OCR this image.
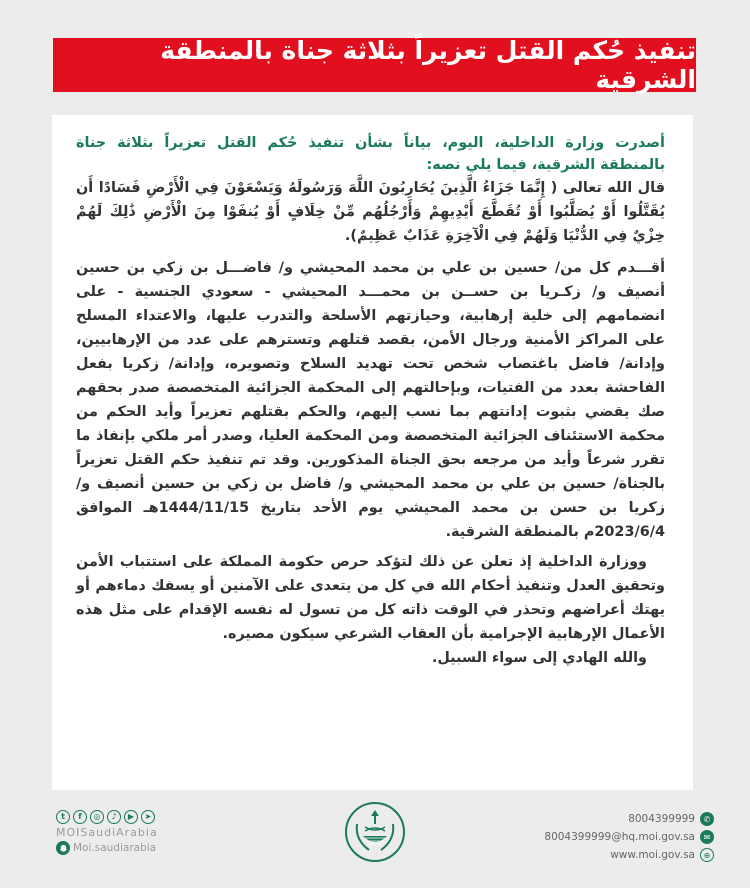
تنفيذ حُكم القتل تعزيراً بثلاثة جناة بالمنطقة الشرقية

أصدرت وزارة الداخلية، اليوم، بياناً بشأن تنفيذ حُكم القتل تعزيراً بثلاثة جناة بالمنطقة الشرقية، فيما يلي نصه:

قال الله تعالى ( إِنَّمَا جَزَاءُ الَّذِينَ يُحَارِبُونَ اللَّهَ وَرَسُولَهُ وَيَسْعَوْنَ فِي الْأَرْضِ فَسَادًا أَن يُقَتَّلُوا أَوْ يُصَلَّبُوا أَوْ تُقَطَّعَ أَيْدِيهِمْ وَأَرْجُلُهُم مِّنْ خِلَافٍ أَوْ يُنفَوْا مِنَ الْأَرْضِ ذَٰلِكَ لَهُمْ خِزْيٌ فِي الدُّنْيَا وَلَهُمْ فِي الْآخِرَةِ عَذَابٌ عَظِيمٌ).

أقـــدم كل من/ حسين بن علي بن محمد المحيشي و/ فاضـــل بن زكي بن حسين أنصيف و/ زكـريا بن حســن بن محمـــد المحيشي - سعودي الجنسية - على انضمامهم إلى خلية إرهابية، وحيازتهم الأسلحة والتدرب عليها، والاعتداء المسلح على المراكز الأمنية ورجال الأمن، بقصد قتلهم وتسترهم على عدد من الإرهابيين، وإدانة/ فاضل باغتصاب شخص تحت تهديد السلاح وتصويره، وإدانة/ زكريا بفعل الفاحشة بعدد من الفتيات، وبإحالتهم إلى المحكمة الجزائية المتخصصة صدر بحقهم صك يقضي بثبوت إدانتهم بما نسب إليهم، والحكم بقتلهم تعزيراً وأيد الحكم من محكمة الاستئناف الجزائية المتخصصة ومن المحكمة العليا، وصدر أمر ملكي بإنفاذ ما تقرر شرعاً وأيد من مرجعه بحق الجناة المذكورين. وقد تم تنفيذ حكم القتل تعزيراً بالجناة/ حسين بن علي بن محمد المحيشي و/ فاضل بن زكي بن حسين أنصيف و/ زكريا بن حسن بن محمد المحيشي يوم الأحد بتاريخ 1444/11/15هـ الموافق 2023/6/4م بالمنطقة الشرقية.

ووزارة الداخلية إذ تعلن عن ذلك لتؤكد حرص حكومة المملكة على استتباب الأمن وتحقيق العدل وتنفيذ أحكام الله في كل من يتعدى على الآمنين أو يسفك دماءهم أو يهتك أعراضهم وتحذر في الوقت ذاته كل من تسول له نفسه الإقدام على مثل هذه الأعمال الإرهابية الإجرامية بأن العقاب الشرعي سيكون مصيره.

والله الهادي إلى سواء السبيل.

t	f	◎	♪	▶	➤
MOISaudiArabia
Moi.saudiarabia
8004399999	✆
8004399999@hq.moi.gov.sa	✉
www.moi.gov.sa	⊕
